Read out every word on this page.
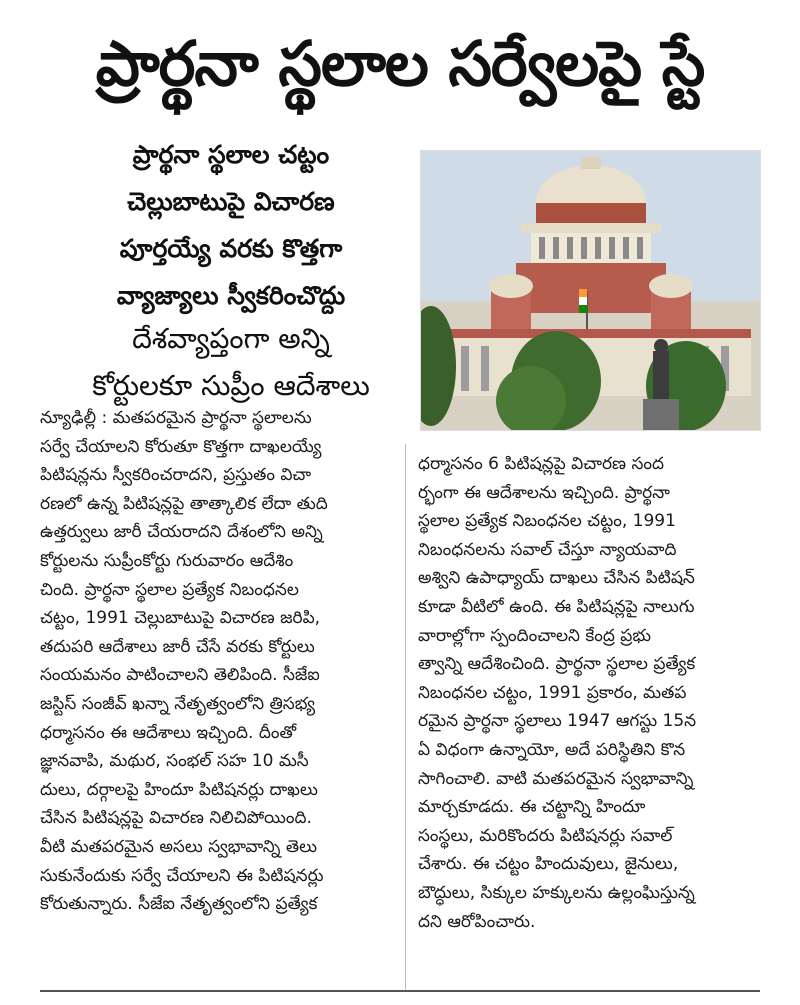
ప్రార్థనా స్థలాల సర్వేలపై స్టే
ప్రార్థనా స్థలాల చట్టం
చెల్లుబాటుపై విచారణ
పూర్తయ్యే వరకు కొత్తగా
వ్యాజ్యాలు స్వీకరించొద్దు
దేశవ్యాప్తంగా అన్ని
కోర్టులకూ సుప్రీం ఆదేశాలు
న్యూఢిల్లీ : మతపరమైన ప్రార్థనా స్థలాలను
సర్వే చేయాలని కోరుతూ కొత్తగా దాఖలయ్యే
పిటిషన్లను స్వీకరించరాదని, ప్రస్తుతం విచా
రణలో ఉన్న పిటిషన్లపై తాత్కాలిక లేదా తుది
ఉత్తర్వులు జారీ చేయరాదని దేశంలోని అన్ని
కోర్టులను సుప్రీంకోర్టు గురువారం ఆదేశిం
చింది. ప్రార్థనా స్థలాల ప్రత్యేక నిబంధనల
చట్టం, 1991 చెల్లుబాటుపై విచారణ జరిపి,
తదుపరి ఆదేశాలు జారీ చేసే వరకు కోర్టులు
సంయమనం పాటించాలని తెలిపింది. సీజేఐ
జస్టిస్ సంజీవ్ ఖన్నా నేతృత్వంలోని త్రిసభ్య
ధర్మాసనం ఈ ఆదేశాలు ఇచ్చింది. దీంతో
జ్ఞానవాపి, మథుర, సంభల్ సహ 10 మసీ
దులు, దర్గాలపై హిందూ పిటిషనర్లు దాఖలు
చేసిన పిటిషన్లపై విచారణ నిలిచిపోయింది.
వీటి మతపరమైన అసలు స్వభావాన్ని తెలు
సుకునేందుకు సర్వే చేయాలని ఈ పిటిషనర్లు
కోరుతున్నారు. సీజేఐ నేతృత్వంలోని ప్రత్యేక
ధర్మాసనం 6 పిటిషన్లపై విచారణ సంద
ర్భంగా ఈ ఆదేశాలను ఇచ్చింది. ప్రార్థనా
స్థలాల ప్రత్యేక నిబంధనల చట్టం, 1991
నిబంధనలను సవాల్ చేస్తూ న్యాయవాది
అశ్విని ఉపాధ్యాయ్ దాఖలు చేసిన పిటిషన్
కూడా వీటిలో ఉంది. ఈ పిటిషన్లపై నాలుగు
వారాల్లోగా స్పందించాలని కేంద్ర ప్రభు
త్వాన్ని ఆదేశించింది. ప్రార్థనా స్థలాల ప్రత్యేక
నిబంధనల చట్టం, 1991 ప్రకారం, మతప
రమైన ప్రార్థనా స్థలాలు 1947 ఆగస్టు 15న
ఏ విధంగా ఉన్నాయో, అదే పరిస్థితిని కొన
సాగించాలి. వాటి మతపరమైన స్వభావాన్ని
మార్చకూడదు. ఈ చట్టాన్ని హిందూ
సంస్థలు, మరికొందరు పిటిషనర్లు సవాల్
చేశారు. ఈ చట్టం హిందువులు, జైనులు,
బౌద్ధులు, సిక్కుల హక్కులను ఉల్లంఘిస్తున్న
దని ఆరోపించారు.
